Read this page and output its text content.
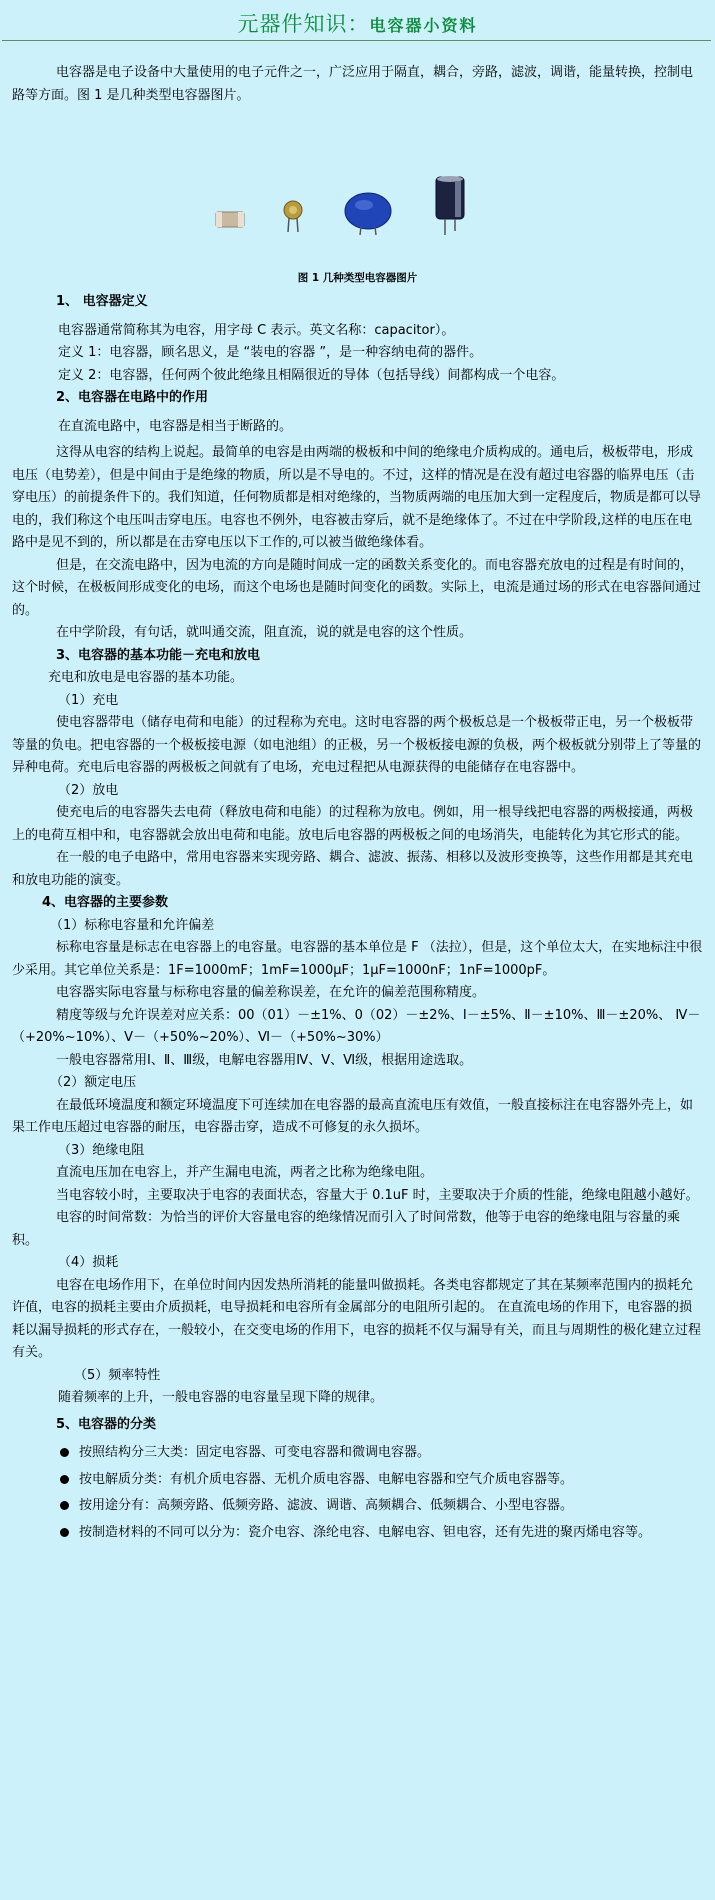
元器件知识：电容器小资料

电容器是电子设备中大量使用的电子元件之一，广泛应用于隔直，耦合，旁路，滤波，调谐，能量转换，控制电路等方面。图 1 是几种类型电容器图片。

图 1 几种类型电容器图片

1、 电容器定义

电容器通常简称其为电容，用字母 C 表示。英文名称：capacitor）。

定义 1：电容器，顾名思义，是 “装电的容器 ”，是一种容纳电荷的器件。

定义 2：电容器，任何两个彼此绝缘且相隔很近的导体（包括导线）间都构成一个电容。

2、电容器在电路中的作用

在直流电路中，电容器是相当于断路的。

这得从电容的结构上说起。最简单的电容是由两端的极板和中间的绝缘电介质构成的。通电后，极板带电，形成电压（电势差），但是中间由于是绝缘的物质，所以是不导电的。不过，这样的情况是在没有超过电容器的临界电压（击穿电压）的前提条件下的。我们知道，任何物质都是相对绝缘的，当物质两端的电压加大到一定程度后，物质是都可以导电的，我们称这个电压叫击穿电压。电容也不例外，电容被击穿后，就不是绝缘体了。不过在中学阶段,这样的电压在电路中是见不到的，所以都是在击穿电压以下工作的,可以被当做绝缘体看。

但是，在交流电路中，因为电流的方向是随时间成一定的函数关系变化的。而电容器充放电的过程是有时间的，这个时候，在极板间形成变化的电场，而这个电场也是随时间变化的函数。实际上，电流是通过场的形式在电容器间通过的。

在中学阶段，有句话，就叫通交流，阻直流，说的就是电容的这个性质。

3、电容器的基本功能－充电和放电

充电和放电是电容器的基本功能。

（1）充电

使电容器带电（储存电荷和电能）的过程称为充电。这时电容器的两个极板总是一个极板带正电，另一个极板带等量的负电。把电容器的一个极板接电源（如电池组）的正极，另一个极板接电源的负极，两个极板就分别带上了等量的异种电荷。充电后电容器的两极板之间就有了电场，充电过程把从电源获得的电能储存在电容器中。

（2）放电

使充电后的电容器失去电荷（释放电荷和电能）的过程称为放电。例如，用一根导线把电容器的两极接通，两极上的电荷互相中和，电容器就会放出电荷和电能。放电后电容器的两极板之间的电场消失，电能转化为其它形式的能。

在一般的电子电路中，常用电容器来实现旁路、耦合、滤波、振荡、相移以及波形变换等，这些作用都是其充电和放电功能的演变。

4、电容器的主要参数

（1）标称电容量和允许偏差

标称电容量是标志在电容器上的电容量。电容器的基本单位是 F （法拉），但是，这个单位太大，在实地标注中很少采用。其它单位关系是：1F=1000mF；1mF=1000μF；1μF=1000nF；1nF=1000pF。

电容器实际电容量与标称电容量的偏差称误差，在允许的偏差范围称精度。

精度等级与允许误差对应关系：00（01）－±1%、0（02）－±2%、Ⅰ－±5%、Ⅱ－±10%、Ⅲ－±20%、 Ⅳ－（+20%~10%）、Ⅴ－（+50%~20%）、Ⅵ－（+50%~30%）

一般电容器常用Ⅰ、Ⅱ、Ⅲ级，电解电容器用Ⅳ、Ⅴ、Ⅵ级，根据用途选取。

（2）额定电压

在最低环境温度和额定环境温度下可连续加在电容器的最高直流电压有效值，一般直接标注在电容器外壳上，如果工作电压超过电容器的耐压，电容器击穿，造成不可修复的永久损坏。

（3）绝缘电阻

直流电压加在电容上，并产生漏电电流，两者之比称为绝缘电阻。

当电容较小时，主要取决于电容的表面状态，容量大于 0.1uF 时，主要取决于介质的性能，绝缘电阻越小越好。

电容的时间常数：为恰当的评价大容量电容的绝缘情况而引入了时间常数，他等于电容的绝缘电阻与容量的乘积。

（4）损耗

电容在电场作用下，在单位时间内因发热所消耗的能量叫做损耗。各类电容都规定了其在某频率范围内的损耗允许值，电容的损耗主要由介质损耗，电导损耗和电容所有金属部分的电阻所引起的。 在直流电场的作用下，电容器的损耗以漏导损耗的形式存在，一般较小，在交变电场的作用下，电容的损耗不仅与漏导有关，而且与周期性的极化建立过程有关。

（5）频率特性

随着频率的上升，一般电容器的电容量呈现下降的规律。

5、电容器的分类

按照结构分三大类：固定电容器、可变电容器和微调电容器。

按电解质分类：有机介质电容器、无机介质电容器、电解电容器和空气介质电容器等。

按用途分有：高频旁路、低频旁路、滤波、调谐、高频耦合、低频耦合、小型电容器。

按制造材料的不同可以分为：瓷介电容、涤纶电容、电解电容、钽电容，还有先进的聚丙烯电容等。
